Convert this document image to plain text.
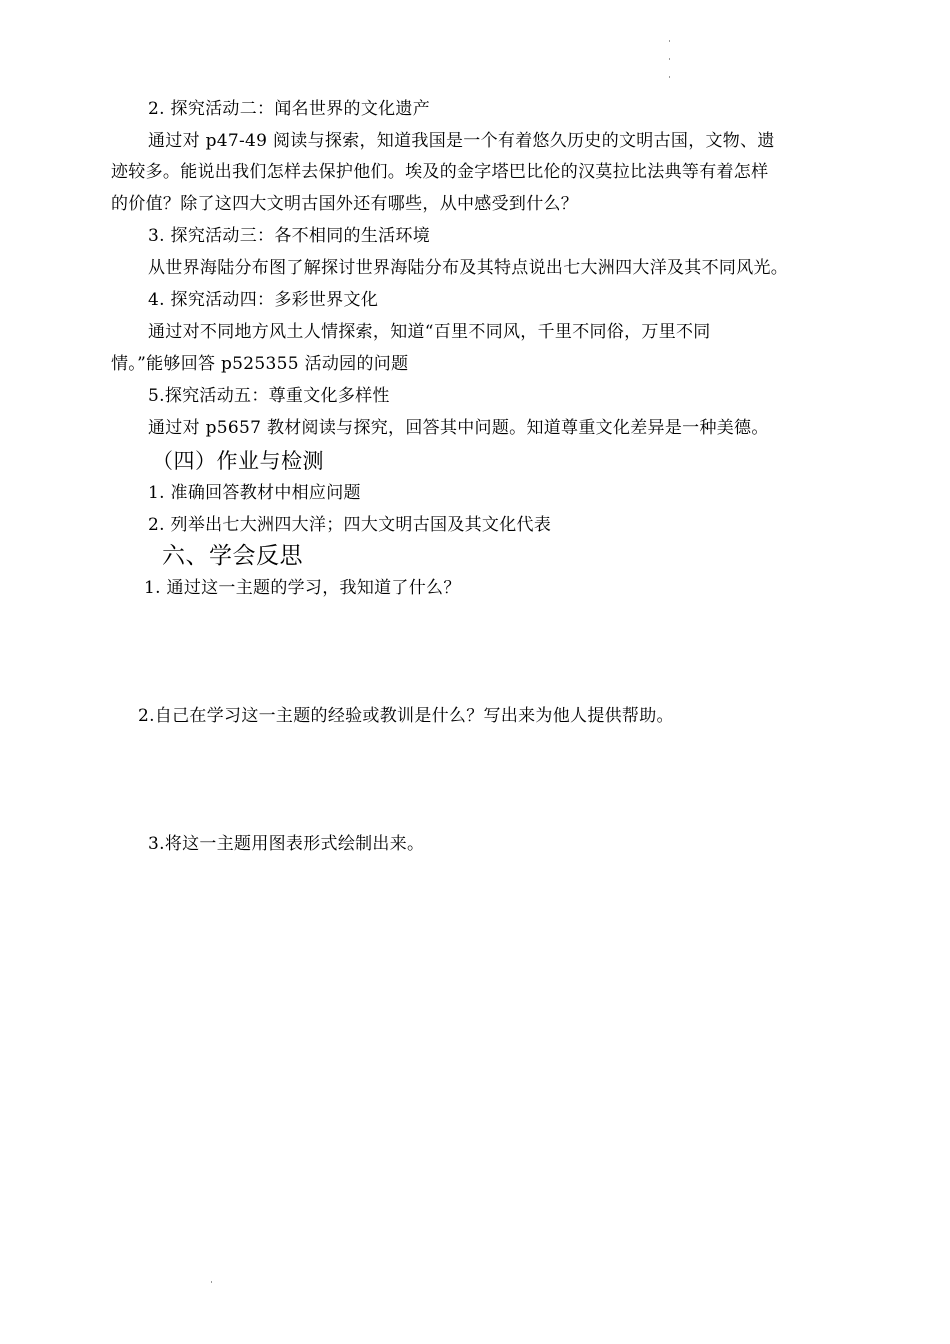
2. 探究活动二：闻名世界的文化遗产
通过对 p47-49 阅读与探索，知道我国是一个有着悠久历史的文明古国，文物、遗
迹较多。能说出我们怎样去保护他们。埃及的金字塔巴比伦的汉莫拉比法典等有着怎样
的价值？除了这四大文明古国外还有哪些，从中感受到什么？
3. 探究活动三：各不相同的生活环境
从世界海陆分布图了解探讨世界海陆分布及其特点说出七大洲四大洋及其不同风光。
4. 探究活动四：多彩世界文化
通过对不同地方风土人情探索，知道“百里不同风，千里不同俗，万里不同
情。”能够回答 p525355 活动园的问题
5.探究活动五：尊重文化多样性
通过对 p5657 教材阅读与探究，回答其中问题。知道尊重文化差异是一种美德。
（四）作业与检测
1. 准确回答教材中相应问题
2. 列举出七大洲四大洋；四大文明古国及其文化代表
六、学会反思
1. 通过这一主题的学习，我知道了什么？
2.自己在学习这一主题的经验或教训是什么？写出来为他人提供帮助。
3.将这一主题用图表形式绘制出来。
